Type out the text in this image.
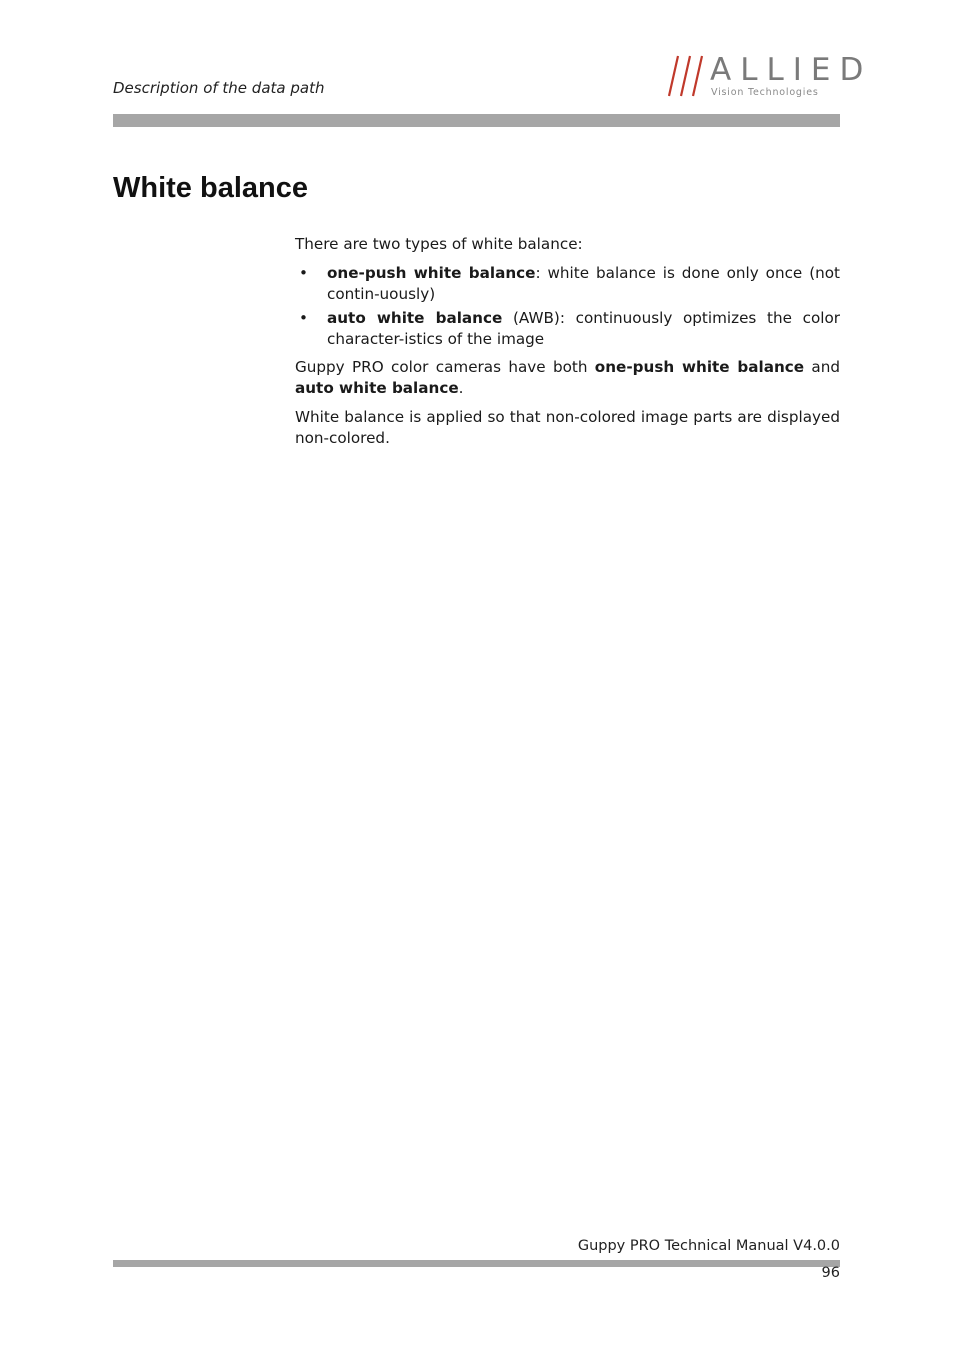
Description of the data path	ALLIED
Vision Technologies
White balance

There are two types of white balance:

• one-push white balance: white balance is done only once (not contin-uously)
• auto white balance (AWB): continuously optimizes the color character-istics of the image

Guppy PRO color cameras have both one-push white balance and auto white balance.

White balance is applied so that non-colored image parts are displayed non-colored.

Guppy PRO Technical Manual V4.0.0
96
